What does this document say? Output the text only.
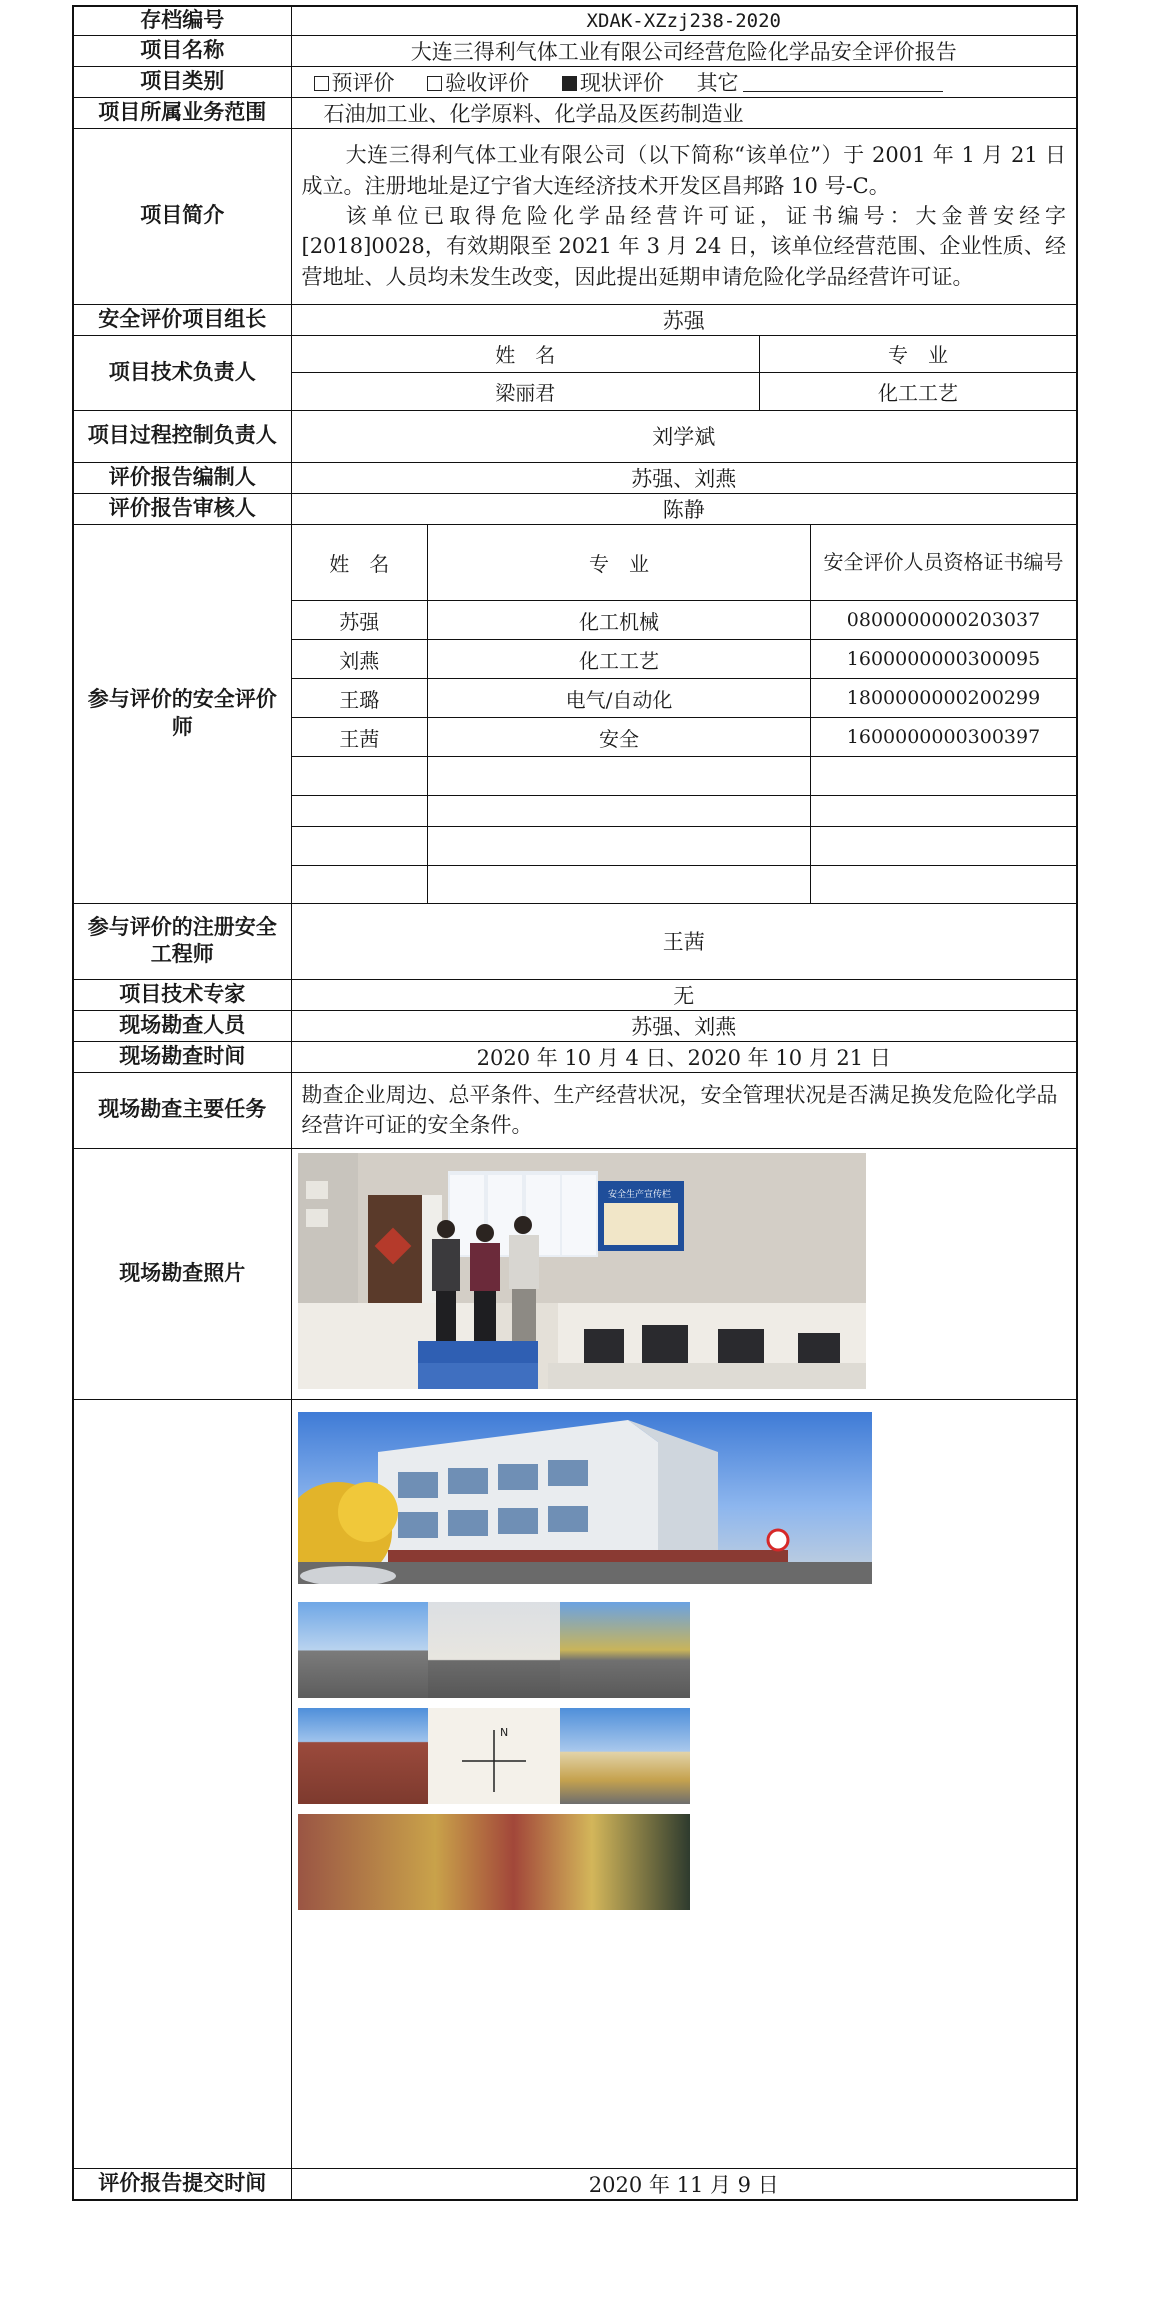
存档编号	XDAK-XZzj238-2020
项目名称	大连三得利气体工业有限公司经营危险化学品安全评价报告
项目类别	预评价 验收评价 现状评价 其它
项目所属业务范围	石油加工业、化学原料、化学品及医药制造业
项目简介	

大连三得利气体工业有限公司（以下简称“该单位”）于 2001 年 1 月 21 日成立。注册地址是辽宁省大连经济技术开发区昌邦路 10 号-C。

该单位已取得危险化学品经营许可证，证书编号：大金普安经字[2018]0028，有效期限至 2021 年 3 月 24 日，该单位经营范围、企业性质、经营地址、人员均未发生改变，因此提出延期申请危险化学品经营许可证。

安全评价项目组长	苏强
项目技术负责人	
姓　名	专　业
梁丽君	化工工艺

项目过程控制负责人	刘学斌
评价报告编制人	苏强、刘燕
评价报告审核人	陈静
参与评价的安全评价师	
姓　名	专　业	安全评价人员资格证书编号
苏强	化工机械	0800000000203037
刘燕	化工工艺	1600000000300095
王璐	电气/自动化	1800000000200299
王茜	安全	1600000000300397

参与评价的注册安全工程师	王茜
项目技术专家	无
现场勘查人员	苏强、刘燕
现场勘查时间	2020 年 10 月 4 日、2020 年 10 月 21 日
现场勘查主要任务	勘查企业周边、总平条件、生产经营状况，安全管理状况是否满足换发危险化学品经营许可证的安全条件。
现场勘查照片	
安全生产宣传栏

N

评价报告提交时间	2020 年 11 月 9 日
